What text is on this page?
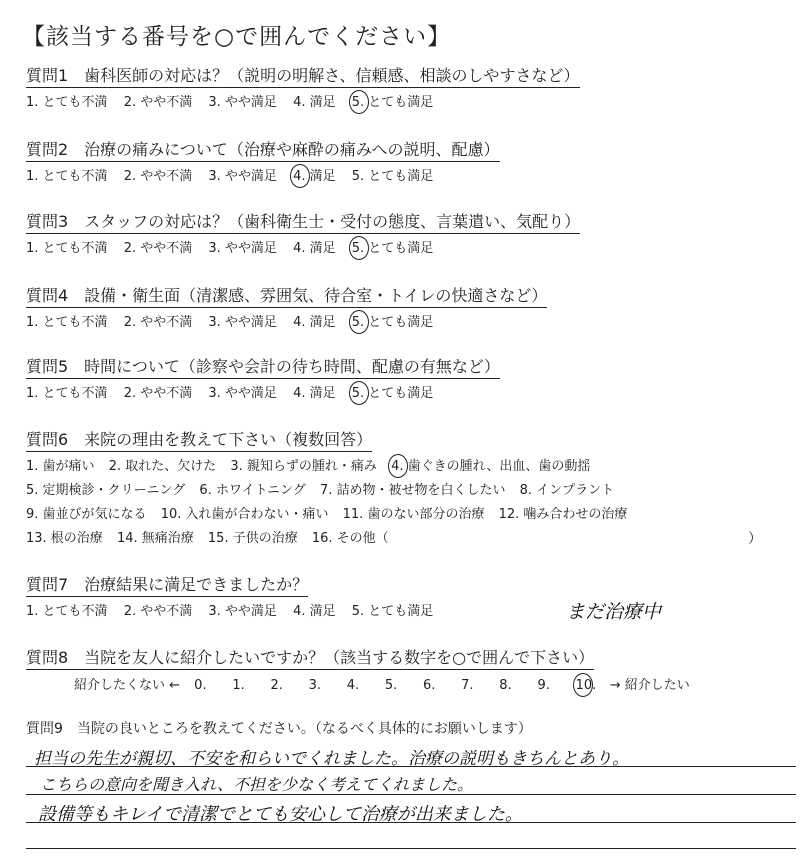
【該当する番号を○で囲んでください】
質問1　歯科医師の対応は？（説明の明解さ、信頼感、相談のしやすさなど）
1. とても不満 2. やや不満 3. やや満足 4. 満足 5. とても満足
質問2　治療の痛みについて（治療や麻酔の痛みへの説明、配慮）
1. とても不満 2. やや不満 3. やや満足 4. 満足 5. とても満足
質問3　スタッフの対応は？（歯科衛生士・受付の態度、言葉遣い、気配り）
1. とても不満 2. やや不満 3. やや満足 4. 満足 5. とても満足
質問4　設備・衛生面（清潔感、雰囲気、待合室・トイレの快適さなど）
1. とても不満 2. やや不満 3. やや満足 4. 満足 5. とても満足
質問5　時間について（診察や会計の待ち時間、配慮の有無など）
1. とても不満 2. やや不満 3. やや満足 4. 満足 5. とても満足
質問6　来院の理由を教えて下さい（複数回答）
1. 歯が痛い 2. 取れた、欠けた 3. 親知らずの腫れ・痛み 4. 歯ぐきの腫れ、出血、歯の動揺
5. 定期検診・クリーニング 6. ホワイトニング 7. 詰め物・被せ物を白くしたい 8. インプラント
9. 歯並びが気になる 10. 入れ歯が合わない・痛い 11. 歯のない部分の治療 12. 噛み合わせの治療
13. 根の治療 14. 無痛治療 15. 子供の治療 16. その他（	）
質問7　治療結果に満足できましたか？
1. とても不満 2. やや不満 3. やや満足 4. 満足 5. とても満足	まだ治療中
質問8　当院を友人に紹介したいですか？（該当する数字を○で囲んで下さい）
紹介したくない ← 0. 1. 2. 3. 4. 5. 6. 7. 8. 9. 10. → 紹介したい
質問9　当院の良いところを教えてください。（なるべく具体的にお願いします）
担当の先生が親切、不安を和らいでくれました。治療の説明もきちんとあり。
こちらの意向を聞き入れ、不担を少なく考えてくれました。
設備等もキレイで清潔でとても安心して治療が出来ました。
